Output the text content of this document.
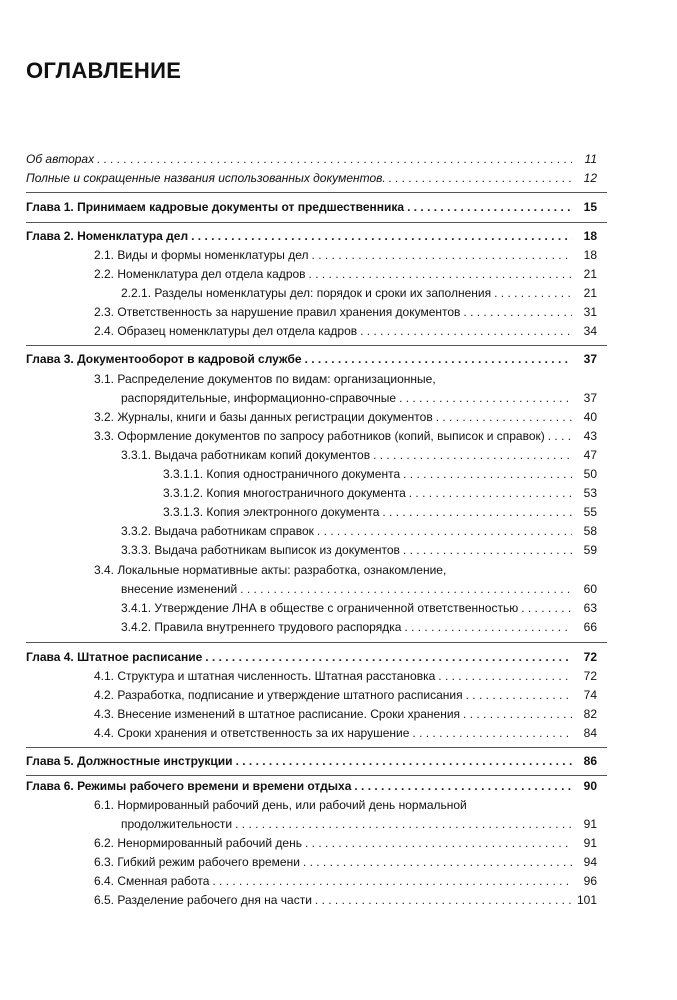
ОГЛАВЛЕНИЕ
Об авторах . . .	11
Полные и сокращенные названия использованных документов. . . .	12
Глава 1. Принимаем кадровые документы от предшественника . . .	15
Глава 2. Номенклатура дел . . .	18
2.1. Виды и формы номенклатуры дел . . .	18
2.2. Номенклатура дел отдела кадров . . .	21
2.2.1. Разделы номенклатуры дел: порядок и сроки их заполнения . . .	21
2.3. Ответственность за нарушение правил хранения документов . . .	31
2.4. Образец номенклатуры дел отдела кадров . . .	34
Глава 3. Документооборот в кадровой службе . . .	37
3.1. Распределение документов по видам: организационные,
распорядительные, информационно-справочные . . .	37
3.2. Журналы, книги и базы данных регистрации документов . . .	40
3.3. Оформление документов по запросу работников (копий, выписок и справок) . . .	43
3.3.1. Выдача работникам копий документов . . .	47
3.3.1.1. Копия одностраничного документа . . .	50
3.3.1.2. Копия многостраничного документа . . .	53
3.3.1.3. Копия электронного документа . . .	55
3.3.2. Выдача работникам справок . . .	58
3.3.3. Выдача работникам выписок из документов . . .	59
3.4. Локальные нормативные акты: разработка, ознакомление,
внесение изменений . . .	60
3.4.1. Утверждение ЛНА в обществе с ограниченной ответственностью . . .	63
3.4.2. Правила внутреннего трудового распорядка . . .	66
Глава 4. Штатное расписание . . .	72
4.1. Структура и штатная численность. Штатная расстановка . . .	72
4.2. Разработка, подписание и утверждение штатного расписания . . .	74
4.3. Внесение изменений в штатное расписание. Сроки хранения . . .	82
4.4. Сроки хранения и ответственность за их нарушение . . .	84
Глава 5. Должностные инструкции . . .	86
Глава 6. Режимы рабочего времени и времени отдыха . . .	90
6.1. Нормированный рабочий день, или рабочий день нормальной
продолжительности . . .	91
6.2. Ненормированный рабочий день . . .	91
6.3. Гибкий режим рабочего времени . . .	94
6.4. Сменная работа . . .	96
6.5. Разделение рабочего дня на части . . .	101
